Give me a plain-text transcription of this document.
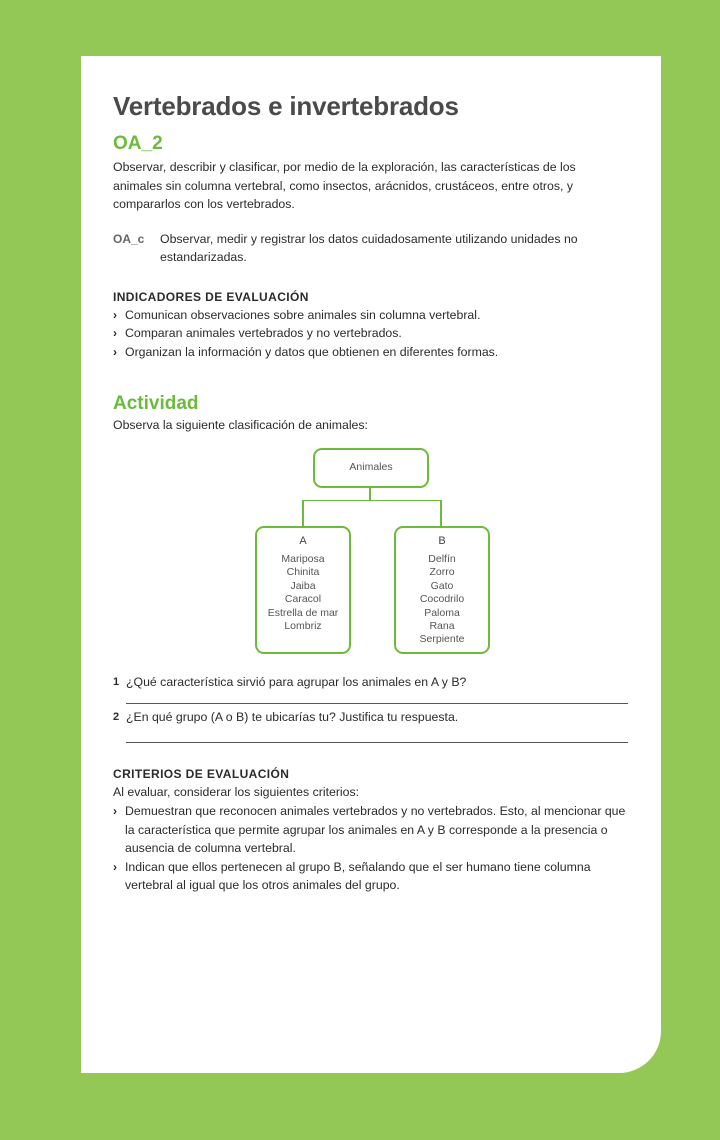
Vertebrados e invertebrados
OA_2

Observar, describir y clasificar, por medio de la exploración, las características de los animales sin columna vertebral, como insectos, arácnidos, crustáceos, entre otros, y compararlos con los vertebrados.

OA_c	Observar, medir y registrar los datos cuidadosamente utilizando unidades no estandarizadas.
INDICADORES DE EVALUACIÓN
› Comunican observaciones sobre animales sin columna vertebral.
› Comparan animales vertebrados y no vertebrados.
› Organizan la información y datos que obtienen en diferentes formas.
Actividad

Observa la siguiente clasificación de animales:

Animales
A
Mariposa
Chinita
Jaiba
Caracol
Estrella de mar
Lombriz
B
Delfín
Zorro
Gato
Cocodrilo
Paloma
Rana
Serpiente
1 ¿Qué característica sirvió para agrupar los animales en A y B?
2 ¿En qué grupo (A o B) te ubicarías tu? Justifica tu respuesta.
CRITERIOS DE EVALUACIÓN

Al evaluar, considerar los siguientes criterios:

› Demuestran que reconocen animales vertebrados y no vertebrados. Esto, al mencionar que la característica que permite agrupar los animales en A y B corresponde a la presencia o ausencia de columna vertebral.
› Indican que ellos pertenecen al grupo B, señalando que el ser humano tiene columna vertebral al igual que los otros animales del grupo.
